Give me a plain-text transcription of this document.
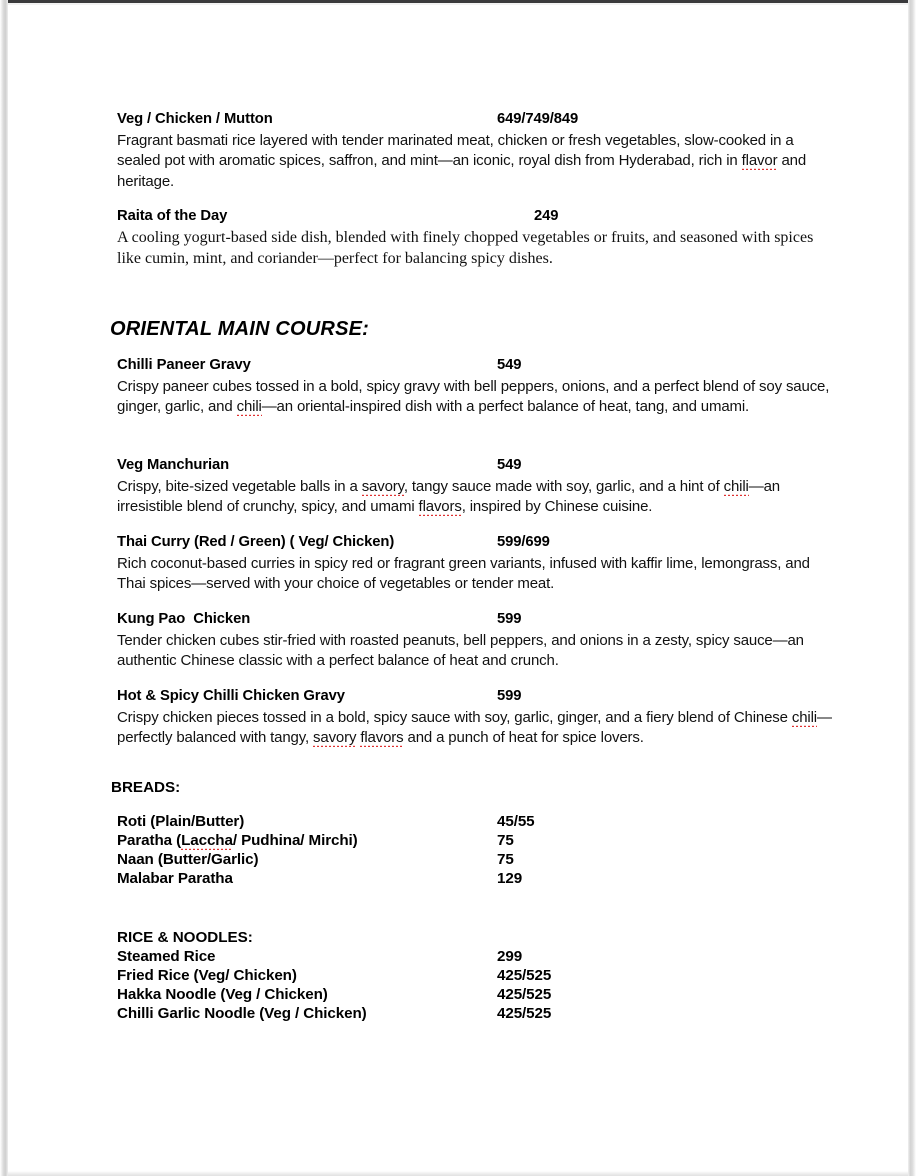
Veg / Chicken / Mutton	649/749/849
Fragrant basmati rice layered with tender marinated meat, chicken or fresh vegetables, slow-cooked in a sealed pot with aromatic spices, saffron, and mint—an iconic, royal dish from Hyderabad, rich in flavor and heritage.
Raita of the Day	249
A cooling yogurt-based side dish, blended with finely chopped vegetables or fruits, and seasoned with spices like cumin, mint, and coriander—perfect for balancing spicy dishes.
ORIENTAL MAIN COURSE:
Chilli Paneer Gravy	549
Crispy paneer cubes tossed in a bold, spicy gravy with bell peppers, onions, and a perfect blend of soy sauce, ginger, garlic, and chili—an oriental-inspired dish with a perfect balance of heat, tang, and umami.
Veg Manchurian	549
Crispy, bite-sized vegetable balls in a savory, tangy sauce made with soy, garlic, and a hint of chili—an irresistible blend of crunchy, spicy, and umami flavors, inspired by Chinese cuisine.
Thai Curry (Red / Green) ( Veg/ Chicken)	599/699
Rich coconut-based curries in spicy red or fragrant green variants, infused with kaffir lime, lemongrass, and Thai spices—served with your choice of vegetables or tender meat.
Kung Pao  Chicken	599
Tender chicken cubes stir-fried with roasted peanuts, bell peppers, and onions in a zesty, spicy sauce—an authentic Chinese classic with a perfect balance of heat and crunch.
Hot & Spicy Chilli Chicken Gravy	599
Crispy chicken pieces tossed in a bold, spicy sauce with soy, garlic, ginger, and a fiery blend of Chinese chili—perfectly balanced with tangy, savory flavors and a punch of heat for spice lovers.
BREADS:
Roti (Plain/Butter)	45/55
Paratha (Laccha/ Pudhina/ Mirchi)	75
Naan (Butter/Garlic)	75
Malabar Paratha	129
RICE & NOODLES:
Steamed Rice	299
Fried Rice (Veg/ Chicken)	425/525
Hakka Noodle (Veg / Chicken)	425/525
Chilli Garlic Noodle (Veg / Chicken)	425/525
